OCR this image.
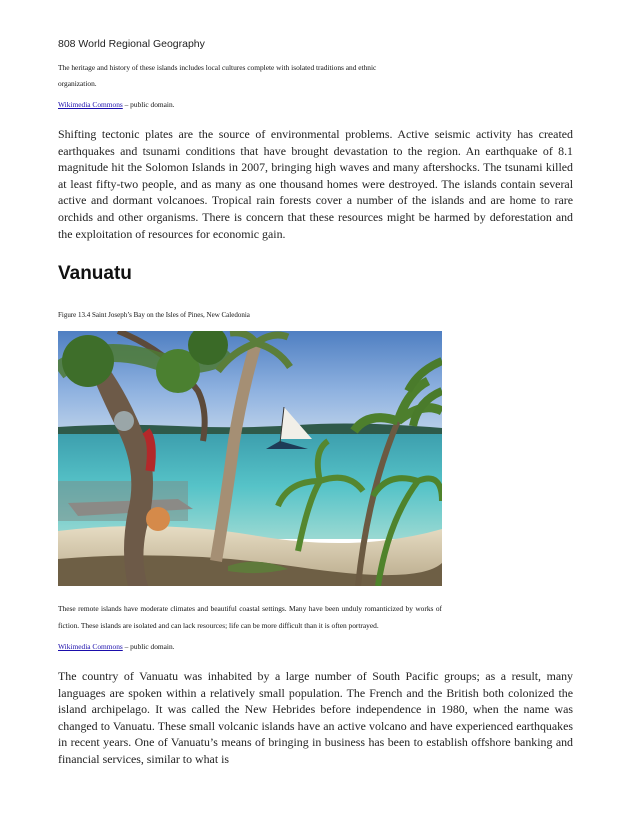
808 World Regional Geography
The heritage and history of these islands includes local cultures complete with isolated traditions and ethnic organization.
Wikimedia Commons – public domain.

Shifting tectonic plates are the source of environmental problems. Active seismic activity has created earthquakes and tsunami conditions that have brought devastation to the region. An earthquake of 8.1 magnitude hit the Solomon Islands in 2007, bringing high waves and many aftershocks. The tsunami killed at least fifty-two people, and as many as one thousand homes were destroyed. The islands contain several active and dormant volcanoes. Tropical rain forests cover a number of the islands and are home to rare orchids and other organisms. There is concern that these resources might be harmed by deforestation and the exploitation of resources for economic gain.

Vanuatu
Figure 13.4 Saint Joseph’s Bay on the Isles of Pines, New Caledonia

These remote islands have moderate climates and beautiful coastal settings. Many have been unduly romanticized by works of fiction. These islands are isolated and can lack resources; life can be more difficult than it is often portrayed.

Wikimedia Commons – public domain.

The country of Vanuatu was inhabited by a large number of South Pacific groups; as a result, many languages are spoken within a relatively small population. The French and the British both colonized the island archipelago. It was called the New Hebrides before independence in 1980, when the name was changed to Vanuatu. These small volcanic islands have an active volcano and have experienced earthquakes in recent years. One of Vanuatu’s means of bringing in business has been to establish offshore banking and financial services, similar to what is
